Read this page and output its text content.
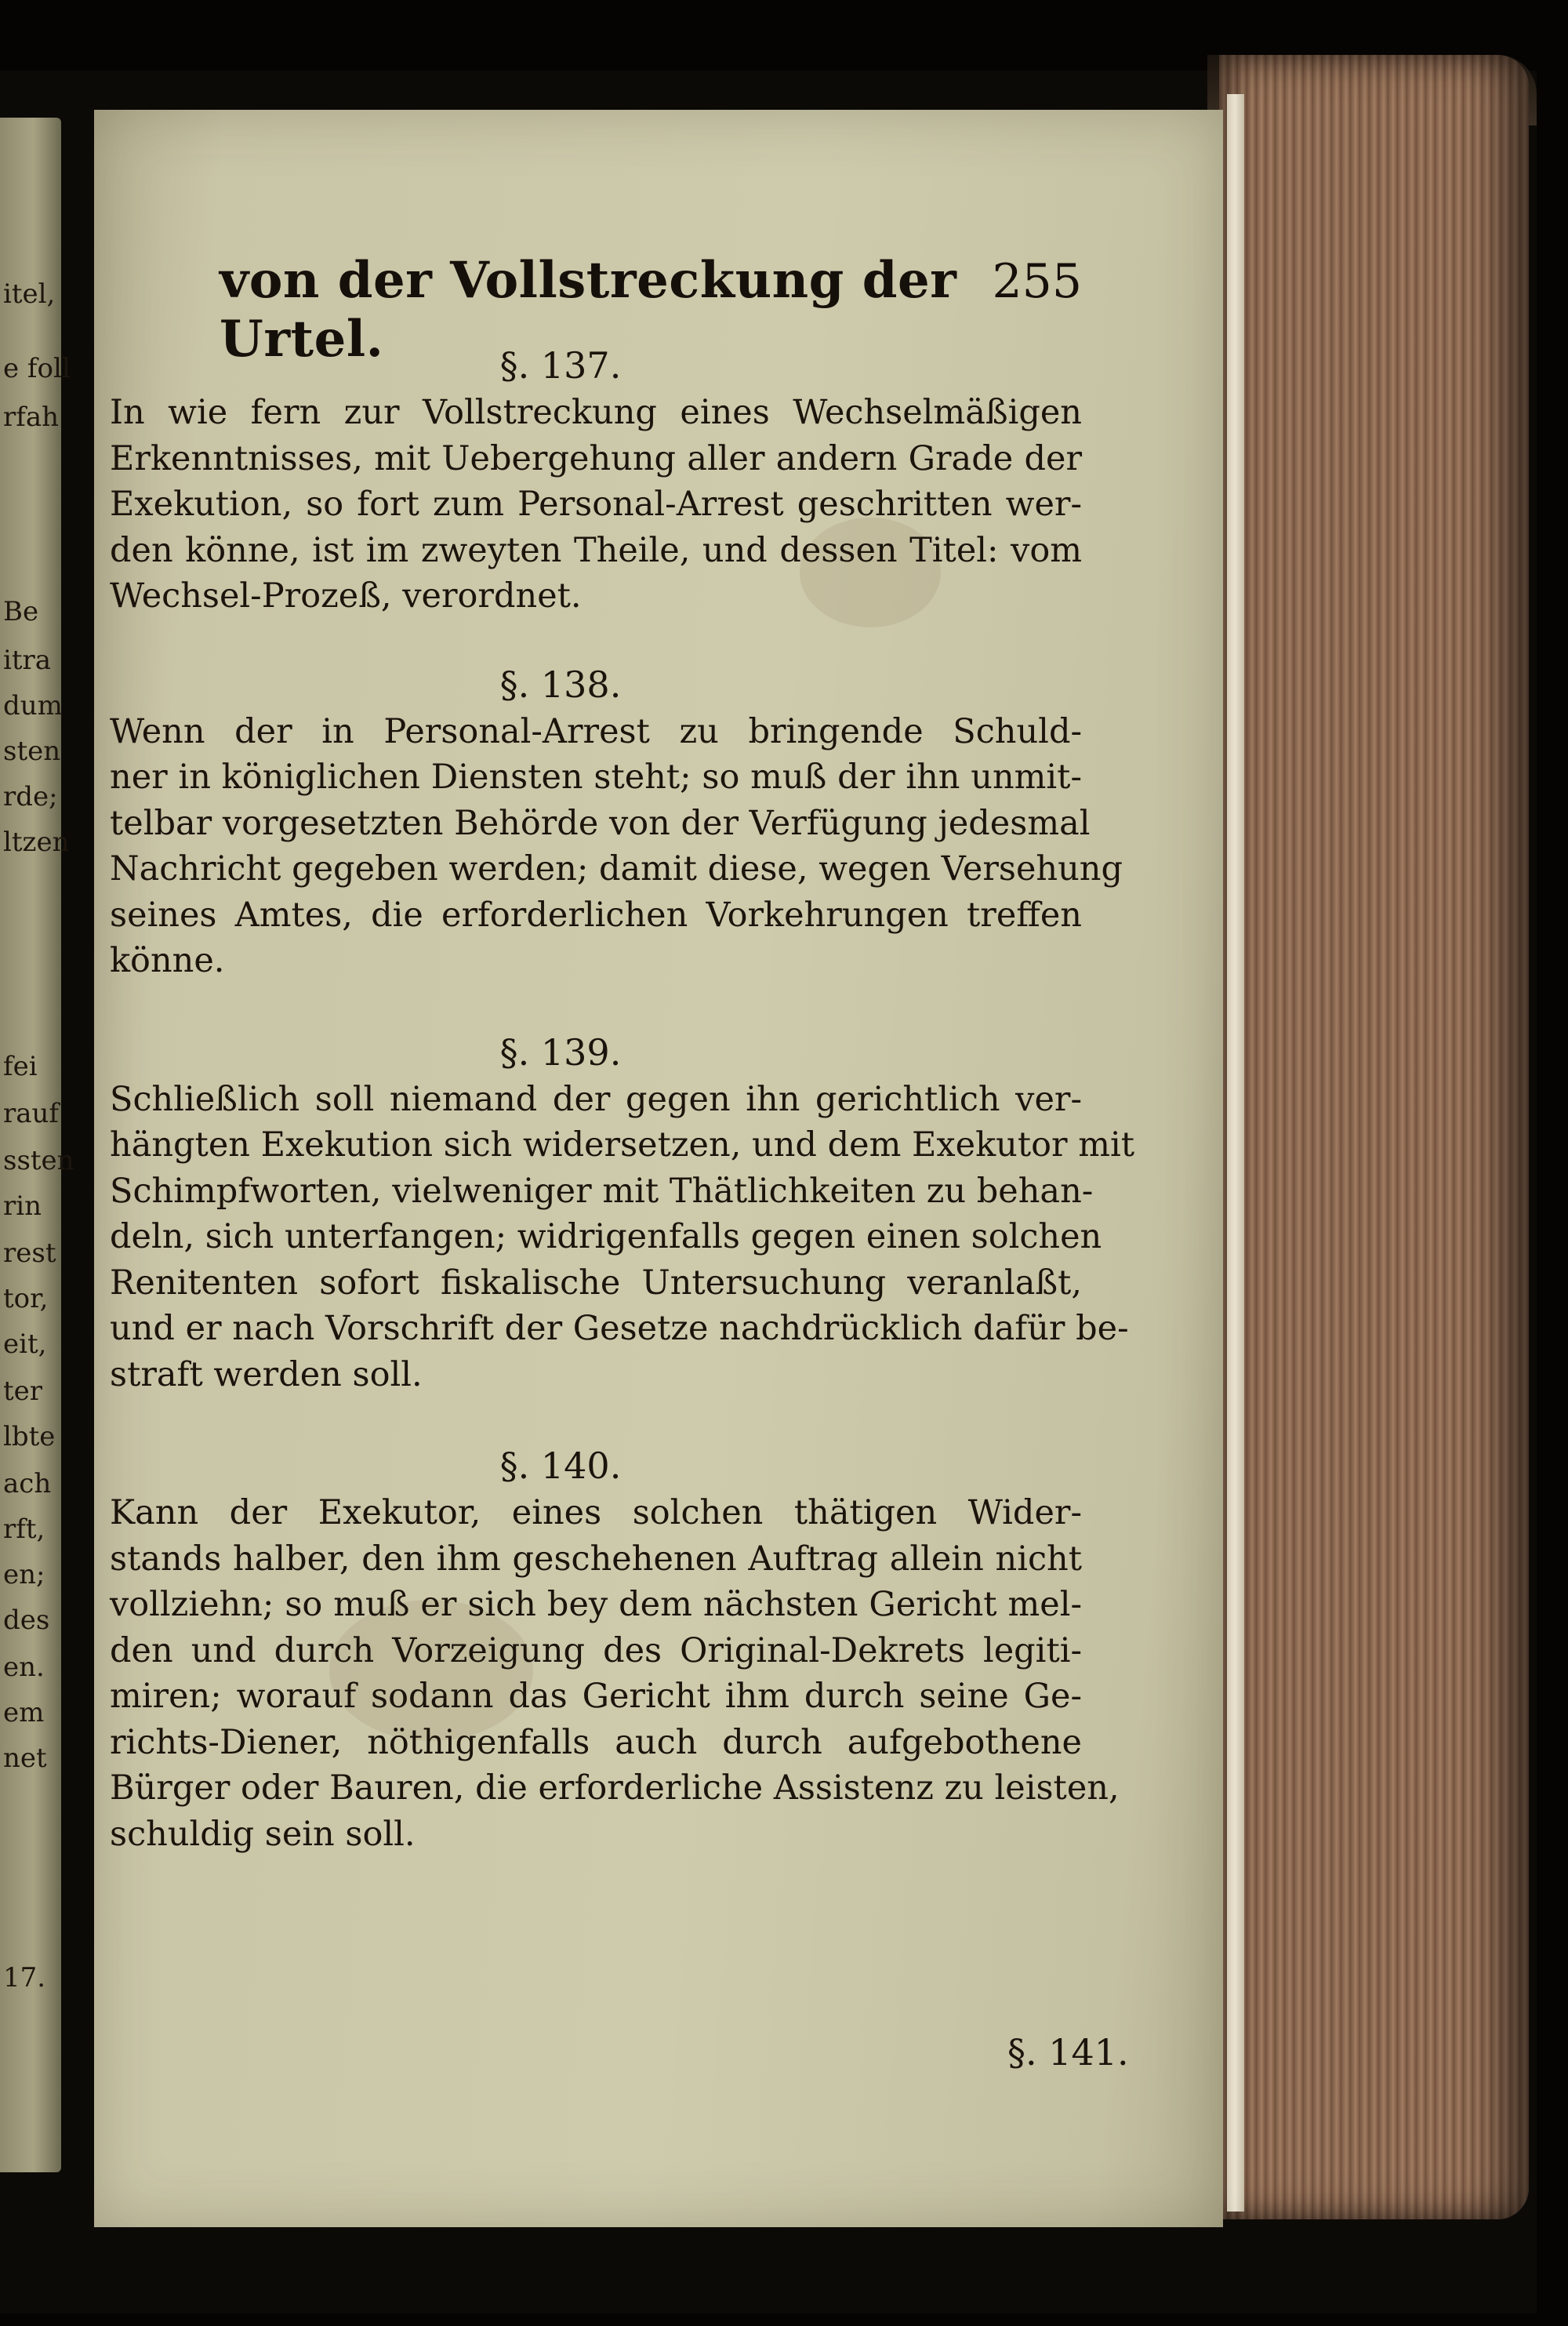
itel,
e foll
rfah
Be
itra
dum
sten
rde;
ltzen
fei
rauf
ssten
rin
rest
tor,
eit,
ter
lbte
ach
rft,
en;
des
en.
em
net
17.
von der Vollstreckung der Urtel.
255
§. 137.
In wie fern zur Vollstreckung eines Wechselmäßigen
Erkenntnisses, mit Uebergehung aller andern Grade der
Exekution, so fort zum Personal-Arrest geschritten wer-
den könne, ist im zweyten Theile, und dessen Titel: vom
Wechsel-Prozeß, verordnet.
§. 138.
Wenn der in Personal-Arrest zu bringende Schuld-
ner in königlichen Diensten steht; so muß der ihn unmit-
telbar vorgesetzten Behörde von der Verfügung jedesmal
Nachricht gegeben werden; damit diese, wegen Versehung
seines Amtes, die erforderlichen Vorkehrungen treffen
könne.
§. 139.
Schließlich soll niemand der gegen ihn gerichtlich ver-
hängten Exekution sich widersetzen, und dem Exekutor mit
Schimpfworten, vielweniger mit Thätlichkeiten zu behan-
deln, sich unterfangen; widrigenfalls gegen einen solchen
Renitenten sofort fiskalische Untersuchung veranlaßt,
und er nach Vorschrift der Gesetze nachdrücklich dafür be-
straft werden soll.
§. 140.
Kann der Exekutor, eines solchen thätigen Wider-
stands halber, den ihm geschehenen Auftrag allein nicht
vollziehn; so muß er sich bey dem nächsten Gericht mel-
den und durch Vorzeigung des Original-Dekrets legiti-
miren; worauf sodann das Gericht ihm durch seine Ge-
richts-Diener, nöthigenfalls auch durch aufgebothene
Bürger oder Bauren, die erforderliche Assistenz zu leisten,
schuldig sein soll.
§. 141.
